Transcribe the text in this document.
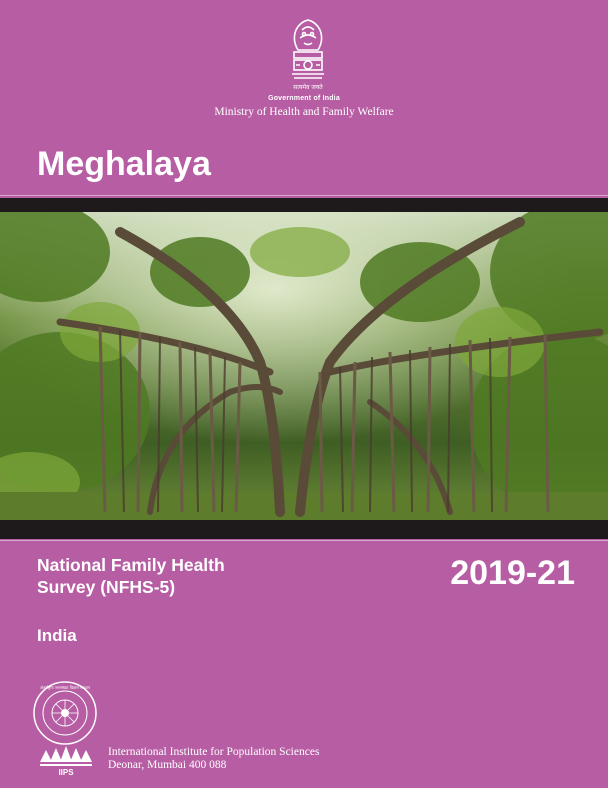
सत्यमेव जयते
Government of India
Ministry of Health and Family Welfare
Meghalaya
National Family Health
Survey (NFHS-5)	2019-21
India
अंतर्राष्ट्रीय जनसंख्या विज्ञान संस्थान
IIPS
International Institute for Population Sciences
Deonar, Mumbai 400 088
